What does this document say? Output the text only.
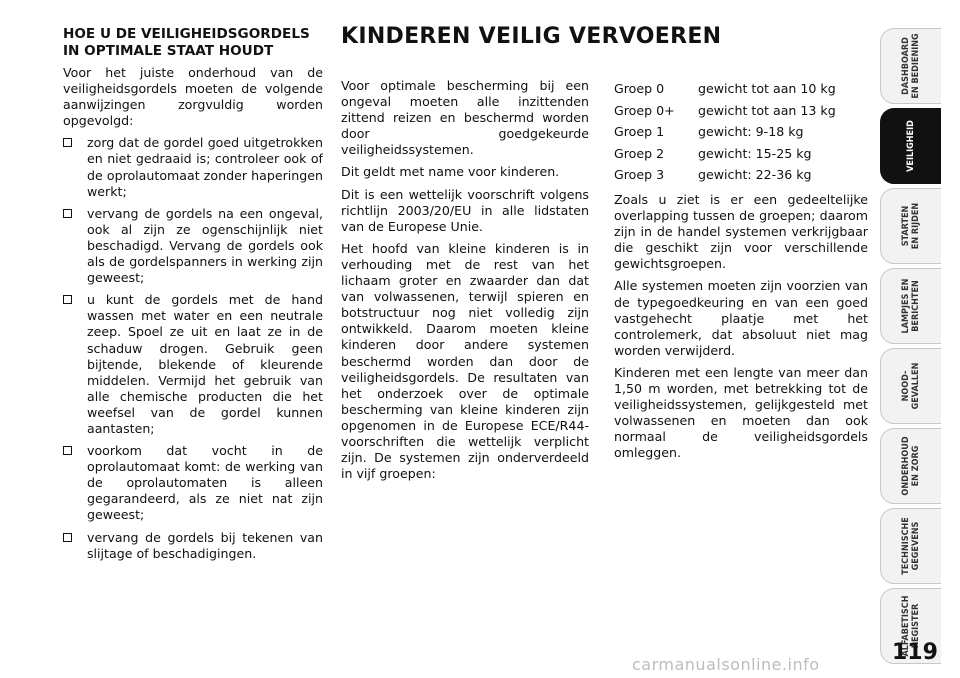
KINDEREN VEILIG VERVOEREN
HOE U DE VEILIGHEIDSGORDELS IN OPTIMALE STAAT HOUDT

Voor het juiste onderhoud van de veiligheidsgordels moeten de volgende aanwijzingen zorgvuldig worden opgevolgd:

zorg dat de gordel goed uitgetrokken en niet gedraaid is; controleer ook of de oprolautomaat zonder haperingen werkt;
vervang de gordels na een ongeval, ook al zijn ze ogenschijnlijk niet beschadigd. Vervang de gordels ook als de gordelspanners in werking zijn geweest;
u kunt de gordels met de hand wassen met water en een neutrale zeep. Spoel ze uit en laat ze in de schaduw drogen. Gebruik geen bijtende, blekende of kleurende middelen. Vermijd het gebruik van alle chemische producten die het weefsel van de gordel kunnen aantasten;
voorkom dat vocht in de oprolautomaat komt: de werking van de oprolautomaten is alleen gegarandeerd, als ze niet nat zijn geweest;
vervang de gordels bij tekenen van slijtage of beschadigingen.

Voor optimale bescherming bij een ongeval moeten alle inzittenden zittend reizen en beschermd worden door goedgekeurde veiligheidssystemen.

Dit geldt met name voor kinderen.

Dit is een wettelijk voorschrift volgens richtlijn 2003/20/EU in alle lidstaten van de Europese Unie.

Het hoofd van kleine kinderen is in verhouding met de rest van het lichaam groter en zwaarder dan dat van volwassenen, terwijl spieren en botstructuur nog niet volledig zijn ontwikkeld. Daarom moeten kleine kinderen door andere systemen beschermd worden dan door de veiligheidsgordels. De resultaten van het onderzoek over de optimale bescherming van kleine kinderen zijn opgenomen in de Europese ECE/R44-voorschriften die wettelijk verplicht zijn. De systemen zijn onderverdeeld in vijf groepen:

Groep 0	gewicht tot aan 10 kg
Groep 0+	gewicht tot aan 13 kg
Groep 1	gewicht: 9-18 kg
Groep 2	gewicht: 15-25 kg
Groep 3	gewicht: 22-36 kg

Zoals u ziet is er een gedeeltelijke overlapping tussen de groepen; daarom zijn in de handel systemen verkrijgbaar die geschikt zijn voor verschillende gewichtsgroepen.

Alle systemen moeten zijn voorzien van de typegoedkeuring en van een goed vastgehecht plaatje met het controlemerk, dat absoluut niet mag worden verwijderd.

Kinderen met een lengte van meer dan 1,50 m worden, met betrekking tot de veiligheidssystemen, gelijkgesteld met volwassenen en moeten dan ook normaal de veiligheidsgordels omleggen.

DASHBOARD
EN BEDIENING
VEILIGHEID
STARTEN
EN RIJDEN
LAMPJES EN
BERICHTEN
NOOD-
GEVALLEN
ONDERHOUD
EN ZORG
TECHNISCHE
GEGEVENS
ALFABETISCH
REGISTER
119
carmanualsonline.info
